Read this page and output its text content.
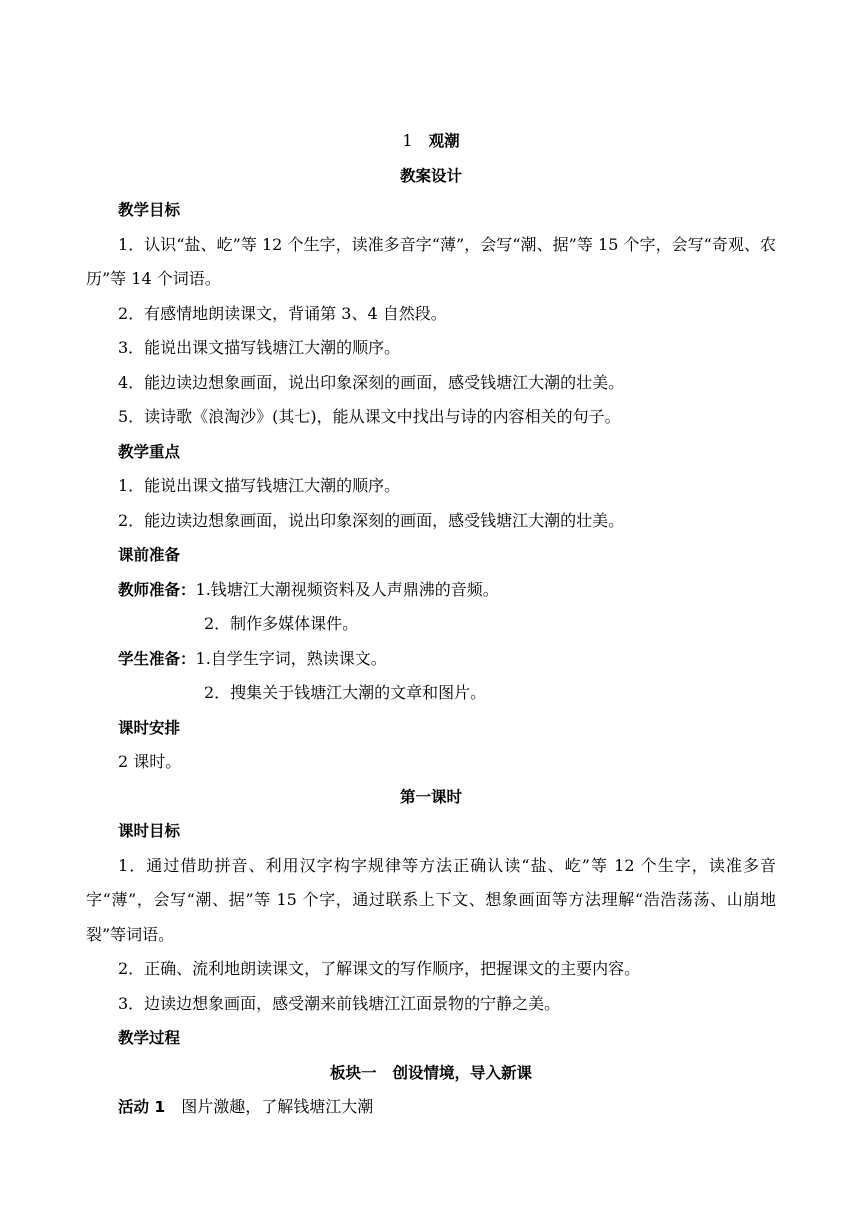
1 观潮
教案设计
教学目标
1．认识“盐、屹”等 12 个生字，读准多音字“薄”，会写“潮、据”等 15 个字，会写“奇观、农历”等 14 个词语。
2．有感情地朗读课文，背诵第 3、4 自然段。
3．能说出课文描写钱塘江大潮的顺序。
4．能边读边想象画面，说出印象深刻的画面，感受钱塘江大潮的壮美。
5．读诗歌《浪淘沙》(其七)，能从课文中找出与诗的内容相关的句子。
教学重点
1．能说出课文描写钱塘江大潮的顺序。
2．能边读边想象画面，说出印象深刻的画面，感受钱塘江大潮的壮美。
课前准备
教师准备：1.钱塘江大潮视频资料及人声鼎沸的音频。
2．制作多媒体课件。
学生准备：1.自学生字词，熟读课文。
2．搜集关于钱塘江大潮的文章和图片。
课时安排
2 课时。
第一课时
课时目标
1．通过借助拼音、利用汉字构字规律等方法正确认读“盐、屹”等 12 个生字，读准多音字“薄”，会写“潮、据”等 15 个字，通过联系上下文、想象画面等方法理解“浩浩荡荡、山崩地裂”等词语。
2．正确、流利地朗读课文，了解课文的写作顺序，把握课文的主要内容。
3．边读边想象画面，感受潮来前钱塘江江面景物的宁静之美。
教学过程
板块一 创设情境，导入新课
活动 1 图片激趣，了解钱塘江大潮
